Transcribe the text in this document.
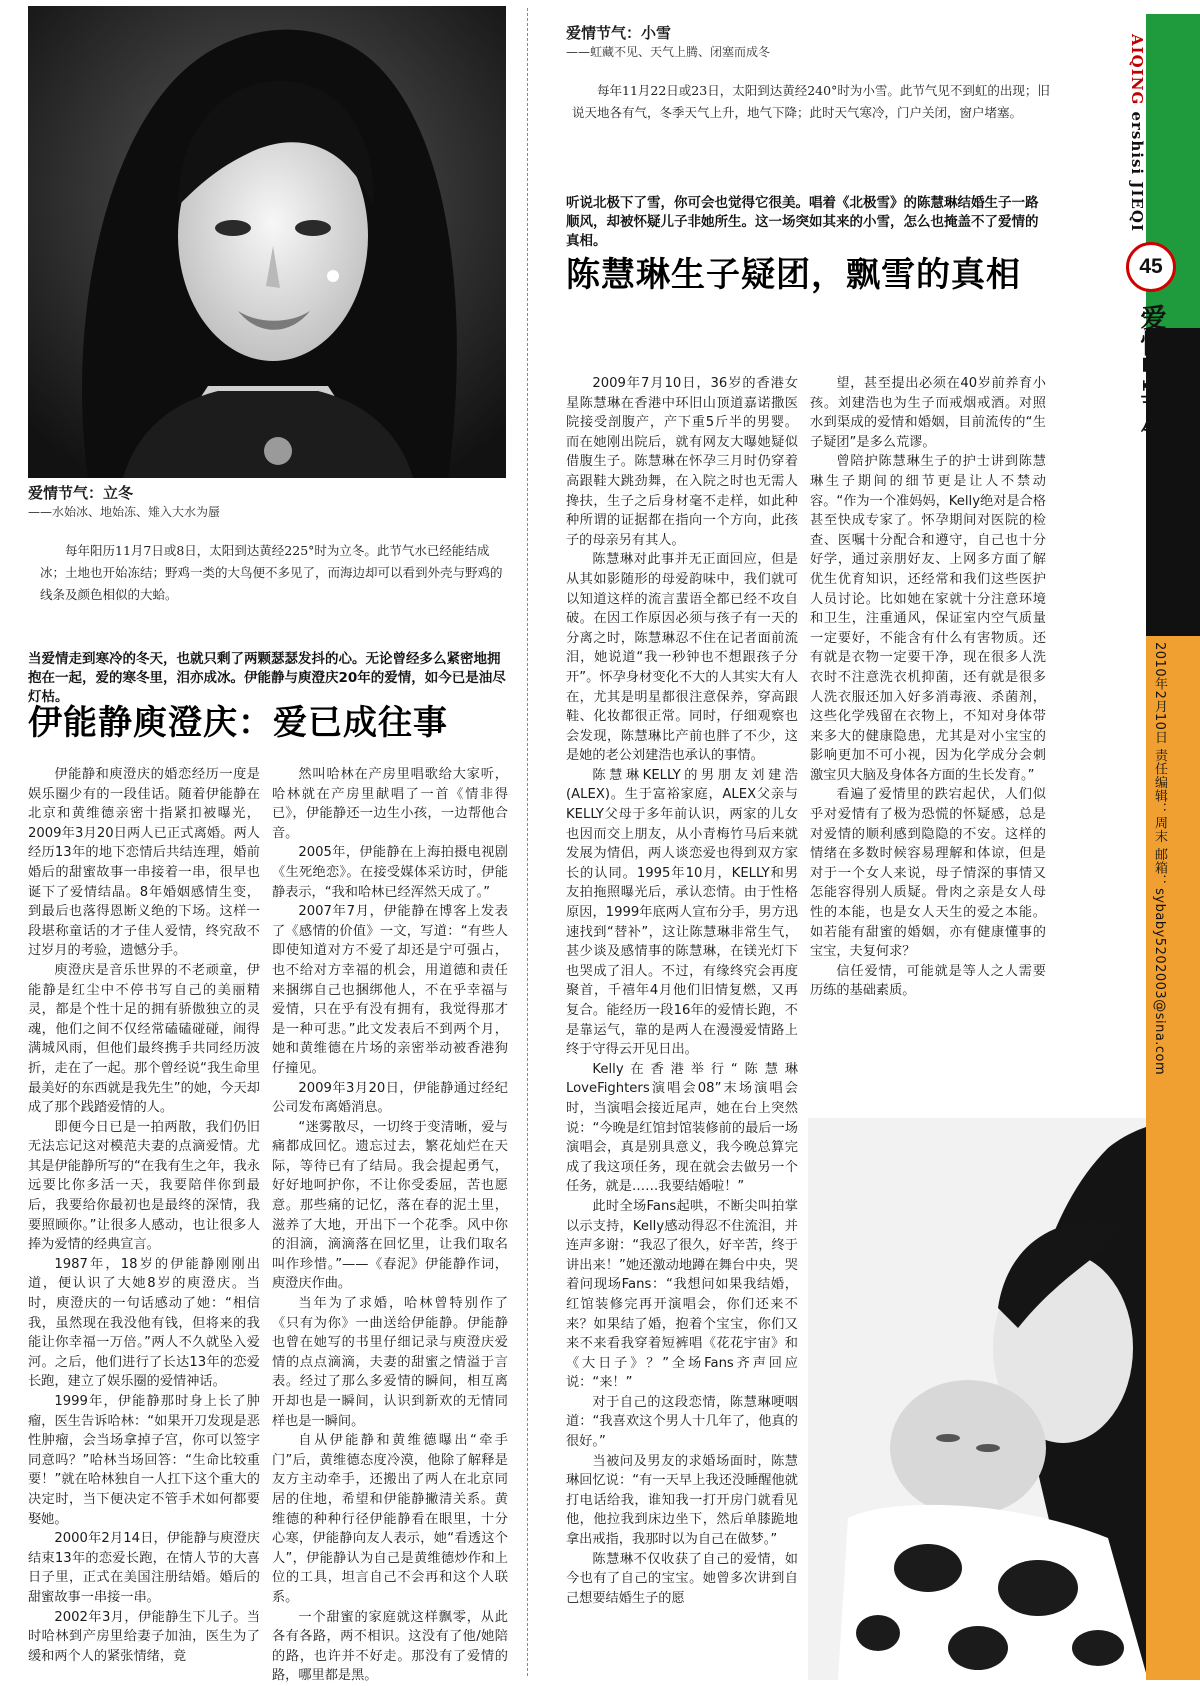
爱情节气：立冬
——水始冰、地始冻、雉入大水为蜃
每年阳历11月7日或8日，太阳到达黄经225°时为立冬。此节气水已经能结成冰；土地也开始冻结；野鸡一类的大鸟便不多见了，而海边却可以看到外壳与野鸡的线条及颜色相似的大蛤。
当爱情走到寒冷的冬天，也就只剩了两颗瑟瑟发抖的心。无论曾经多么紧密地拥抱在一起，爱的寒冬里，泪亦成冰。伊能静与庾澄庆20年的爱情，如今已是油尽灯枯。
伊能静庾澄庆：爱已成往事

伊能静和庾澄庆的婚恋经历一度是娱乐圈少有的一段佳话。随着伊能静在北京和黄维德亲密十指紧扣被曝光，2009年3月20日两人已正式离婚。两人经历13年的地下恋情后共结连理，婚前婚后的甜蜜故事一串接着一串，很早也诞下了爱情结晶。8年婚姻感情生变，到最后也落得恩断义绝的下场。这样一段堪称童话的才子佳人爱情，终究敌不过岁月的考验，遗憾分手。

庾澄庆是音乐世界的不老顽童，伊能静是红尘中不停书写自己的美丽精灵，都是个性十足的拥有骄傲独立的灵魂，他们之间不仅经常磕磕碰碰，闹得满城风雨，但他们最终携手共同经历波折，走在了一起。那个曾经说“我生命里最美好的东西就是我先生”的她，今天却成了那个践踏爱情的人。

即便今日已是一拍两散，我们仍旧无法忘记这对模范夫妻的点滴爱情。尤其是伊能静所写的“在我有生之年，我永远要比你多活一天，我要陪伴你到最后，我要给你最初也是最终的深情，我要照顾你。”让很多人感动，也让很多人捧为爱情的经典宣言。

1987年，18岁的伊能静刚刚出道，便认识了大她8岁的庾澄庆。当时，庾澄庆的一句话感动了她：“相信我，虽然现在我没他有钱，但将来的我能让你幸福一万倍。”两人不久就坠入爱河。之后，他们进行了长达13年的恋爱长跑，建立了娱乐圈的爱情神话。

1999年，伊能静那时身上长了肿瘤，医生告诉哈林：“如果开刀发现是恶性肿瘤，会当场拿掉子宫，你可以签字同意吗？”哈林当场回答：“生命比较重要！”就在哈林独自一人扛下这个重大的决定时，当下便决定不管手术如何都要娶她。

2000年2月14日，伊能静与庾澄庆结束13年的恋爱长跑，在情人节的大喜日子里，正式在美国注册结婚。婚后的甜蜜故事一串接一串。

2002年3月，伊能静生下儿子。当时哈林到产房里给妻子加油，医生为了缓和两个人的紧张情绪，竟

然叫哈林在产房里唱歌给大家听，哈林就在产房里献唱了一首《情非得已》，伊能静还一边生小孩，一边帮他合音。

2005年，伊能静在上海拍摄电视剧《生死绝恋》。在接受媒体采访时，伊能静表示，“我和哈林已经浑然天成了。”

2007年7月，伊能静在博客上发表了《感情的价值》一文，写道：“有些人即使知道对方不爱了却还是宁可强占，也不给对方幸福的机会，用道德和责任来捆绑自己也捆绑他人，不在乎幸福与爱情，只在乎有没有拥有，我觉得那才是一种可悲。”此文发表后不到两个月，她和黄维德在片场的亲密举动被香港狗仔撞见。

2009年3月20日，伊能静通过经纪公司发布离婚消息。

“迷雾散尽，一切终于变清晰，爱与痛都成回忆。遗忘过去，繁花灿烂在天际，等待已有了结局。我会提起勇气，好好地呵护你，不让你受委屈，苦也愿意。那些痛的记忆，落在春的泥土里，滋养了大地，开出下一个花季。风中你的泪滴，滴滴落在回忆里，让我们取名叫作珍惜。”——《春泥》伊能静作词，庾澄庆作曲。

当年为了求婚，哈林曾特别作了《只有为你》一曲送给伊能静。伊能静也曾在她写的书里仔细记录与庾澄庆爱情的点点滴滴，夫妻的甜蜜之情溢于言表。经过了那么多爱情的瞬间，相互离开却也是一瞬间，认识到新欢的无情同样也是一瞬间。

自从伊能静和黄维德曝出“牵手门”后，黄维德态度冷漠，他除了解释是友方主动牵手，还搬出了两人在北京同居的住地，希望和伊能静撇清关系。黄维德的种种行径伊能静看在眼里，十分心寒，伊能静向友人表示，她“看透这个人”，伊能静认为自己是黄维德炒作和上位的工具，坦言自己不会再和这个人联系。

一个甜蜜的家庭就这样飘零，从此各有各路，两不相识。这没有了他/她陪的路，也许并不好走。那没有了爱情的路，哪里都是黑。

爱情节气：小雪
——虹藏不见、天气上腾、闭塞而成冬
每年11月22日或23日，太阳到达黄经240°时为小雪。此节气见不到虹的出现；旧说天地各有气，冬季天气上升，地气下降；此时天气寒冷，门户关闭，窗户堵塞。
听说北极下了雪，你可会也觉得它很美。唱着《北极雪》的陈慧琳结婚生子一路顺风，却被怀疑儿子非她所生。这一场突如其来的小雪，怎么也掩盖不了爱情的真相。
陈慧琳生子疑团，飘雪的真相

2009年7月10日，36岁的香港女星陈慧琳在香港中环旧山顶道嘉诺撒医院接受剖腹产，产下重5斤半的男婴。而在她刚出院后，就有网友大曝她疑似借腹生子。陈慧琳在怀孕三月时仍穿着高跟鞋大跳劲舞，在入院之时也无需人搀扶，生子之后身材毫不走样，如此种种所谓的证据都在指向一个方向，此孩子的母亲另有其人。

陈慧琳对此事并无正面回应，但是从其如影随形的母爱韵味中，我们就可以知道这样的流言蜚语全都已经不攻自破。在因工作原因必须与孩子有一天的分离之时，陈慧琳忍不住在记者面前流泪，她说道“我一秒钟也不想跟孩子分开”。怀孕身材变化不大的人其实大有人在，尤其是明星都很注意保养，穿高跟鞋、化妆都很正常。同时，仔细观察也会发现，陈慧琳比产前也胖了不少，这是她的老公刘建浩也承认的事情。

陈慧琳KELLY的男朋友刘建浩(ALEX)。生于富裕家庭，ALEX父亲与KELLY父母于多年前认识，两家的儿女也因而交上朋友，从小青梅竹马后来就发展为情侣，两人谈恋爱也得到双方家长的认同。1995年10月，KELLY和男友拍拖照曝光后，承认恋情。由于性格原因，1999年底两人宣布分手，男方迅速找到“替补”，这让陈慧琳非常生气，甚少谈及感情事的陈慧琳，在镁光灯下也哭成了泪人。不过，有缘终究会再度聚首，千禧年4月他们旧情复燃，又再复合。能经历一段16年的爱情长跑，不是靠运气，靠的是两人在漫漫爱情路上终于守得云开见日出。

Kelly在香港举行“陈慧琳LoveFighters演唱会08”末场演唱会时，当演唱会接近尾声，她在台上突然说：“今晚是红馆封馆装修前的最后一场演唱会，真是别具意义，我今晚总算完成了我这项任务，现在就会去做另一个任务，就是……我要结婚啦！”

此时全场Fans起哄，不断尖叫拍掌以示支持，Kelly感动得忍不住流泪，并连声多谢：“我忍了很久，好辛苦，终于讲出来！”她还激动地蹲在舞台中央，哭着问现场Fans：“我想问如果我结婚，红馆装修完再开演唱会，你们还来不来？如果结了婚，抱着个宝宝，你们又来不来看我穿着短裤唱《花花宇宙》和《大日子》？”全场Fans齐声回应说：“来！”

对于自己的这段恋情，陈慧琳哽咽道：“我喜欢这个男人十几年了，他真的很好。”

当被问及男友的求婚场面时，陈慧琳回忆说：“有一天早上我还没睡醒他就打电话给我，谁知我一打开房门就看见他，他拉我到床边坐下，然后单膝跪地拿出戒指，我那时以为自己在做梦。”

陈慧琳不仅收获了自己的爱情，如今也有了自己的宝宝。她曾多次讲到自己想要结婚生子的愿

望，甚至提出必须在40岁前养育小孩。刘建浩也为生子而戒烟戒酒。对照水到渠成的爱情和婚姻，目前流传的“生子疑团”是多么荒谬。

曾陪护陈慧琳生子的护士讲到陈慧琳生子期间的细节更是让人不禁动容。“作为一个准妈妈，Kelly绝对是合格甚至快成专家了。怀孕期间对医院的检查、医嘱十分配合和遵守，自己也十分好学，通过亲朋好友、上网多方面了解优生优育知识，还经常和我们这些医护人员讨论。比如她在家就十分注意环境和卫生，注重通风，保证室内空气质量一定要好，不能含有什么有害物质。还有就是衣物一定要干净，现在很多人洗衣时不注意洗衣机抑菌，还有就是很多人洗衣服还加入好多消毒液、杀菌剂，这些化学残留在衣物上，不知对身体带来多大的健康隐患，尤其是对小宝宝的影响更加不可小视，因为化学成分会刺激宝贝大脑及身体各方面的生长发育。”

看遍了爱情里的跌宕起伏，人们似乎对爱情有了极为恐慌的怀疑感，总是对爱情的顺利感到隐隐的不安。这样的情绪在多数时候容易理解和体谅，但是对于一个女人来说，母子情深的事情又怎能容得别人质疑。骨肉之亲是女人母性的本能，也是女人天生的爱之本能。如若能有甜蜜的婚姻，亦有健康懂事的宝宝，夫复何求？

信任爱情，可能就是等人之人需要历练的基础素质。

AIQING ershisi JIEQI
45
爱情24节气
2010年2月10日 责任编辑：周末 邮箱：sybaby5202003@sina.com
